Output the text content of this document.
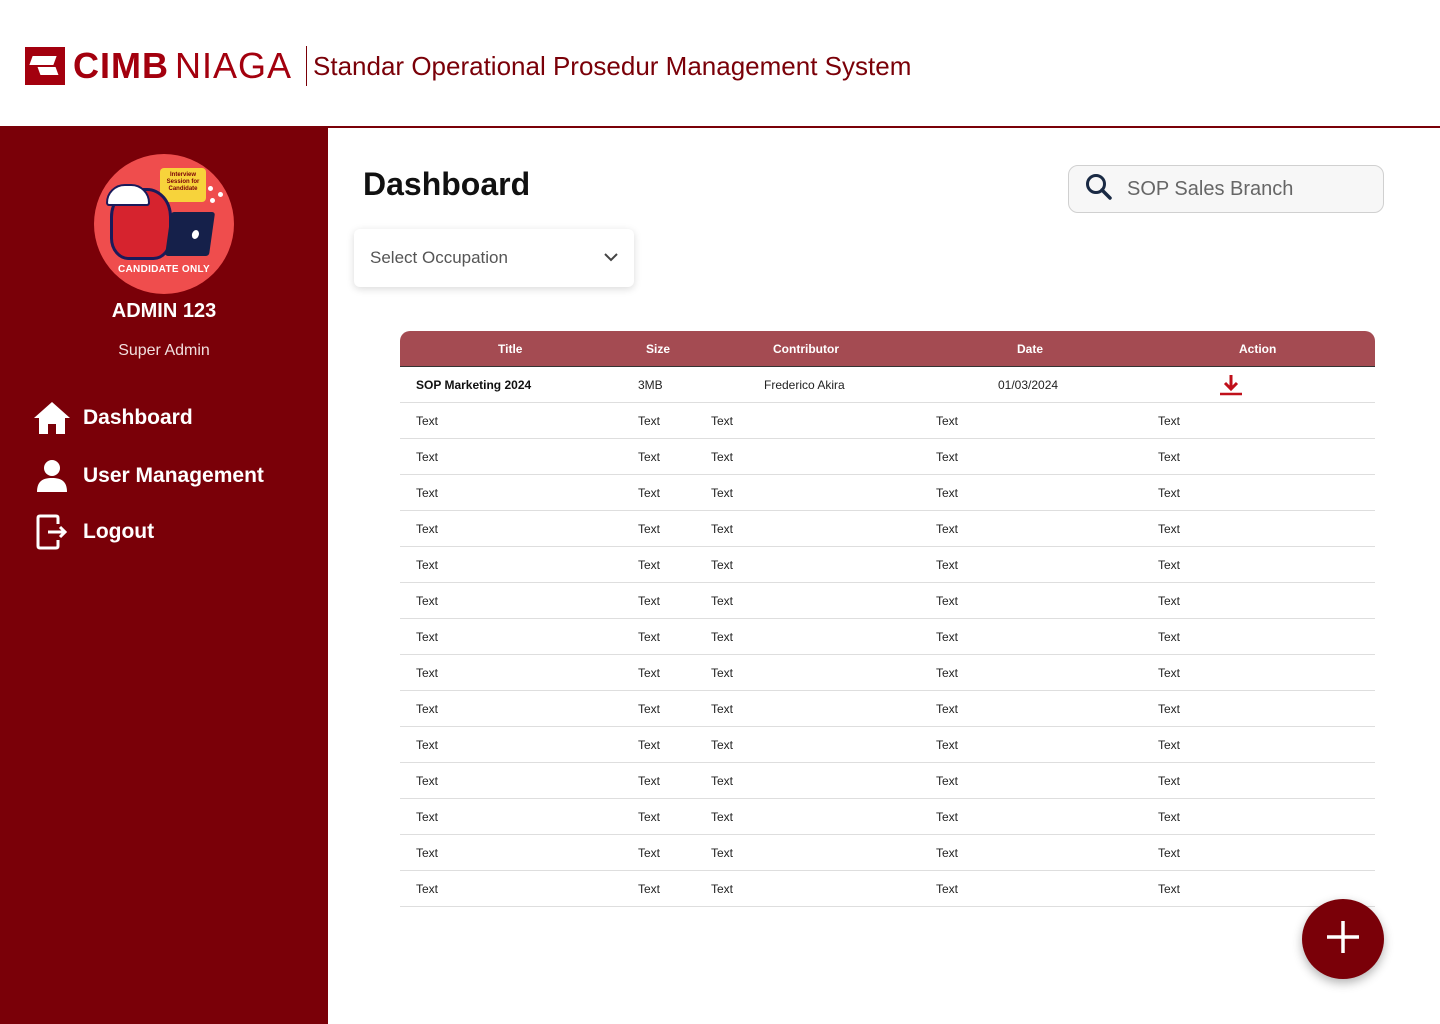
CIMB NIAGA Standar Operational Prosedur Management System
Interview Session for Candidate
CANDIDATE ONLY
ADMIN 123
Super Admin
Dashboard
User Management
Logout
Dashboard
SOP Sales Branch
Select Occupation
Title	Size	Contributor	Date	Action
SOP Marketing 2024	3MB	Frederico Akira	01/03/2024
Text	Text	Text	Text	Text
Text	Text	Text	Text	Text
Text	Text	Text	Text	Text
Text	Text	Text	Text	Text
Text	Text	Text	Text	Text
Text	Text	Text	Text	Text
Text	Text	Text	Text	Text
Text	Text	Text	Text	Text
Text	Text	Text	Text	Text
Text	Text	Text	Text	Text
Text	Text	Text	Text	Text
Text	Text	Text	Text	Text
Text	Text	Text	Text	Text
Text	Text	Text	Text	Text
